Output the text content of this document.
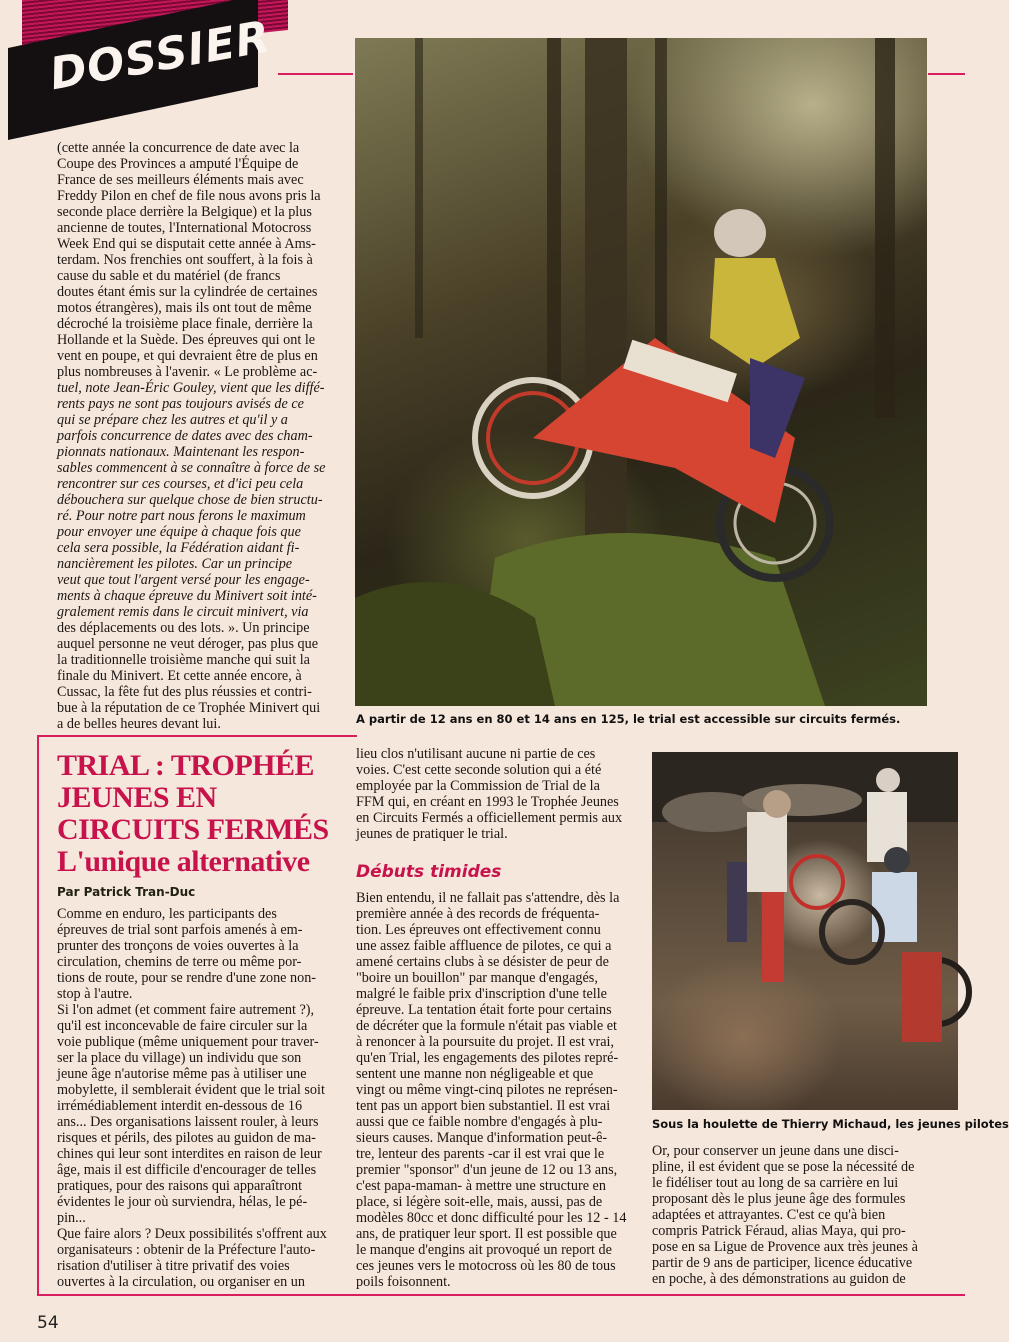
DOSSIER
(cette année la concurrence de date avec la
Coupe des Provinces a amputé l'Équipe de
France de ses meilleurs éléments mais avec
Freddy Pilon en chef de file nous avons pris la
seconde place derrière la Belgique) et la plus
ancienne de toutes, l'International Motocross
Week End qui se disputait cette année à Ams-
terdam. Nos frenchies ont souffert, à la fois à
cause du sable et du matériel (de francs
doutes étant émis sur la cylindrée de certaines
motos étrangères), mais ils ont tout de même
décroché la troisième place finale, derrière la
Hollande et la Suède. Des épreuves qui ont le
vent en poupe, et qui devraient être de plus en
plus nombreuses à l'avenir. « Le problème ac-
tuel, note Jean-Éric Gouley, vient que les diffé-
rents pays ne sont pas toujours avisés de ce
qui se prépare chez les autres et qu'il y a
parfois concurrence de dates avec des cham-
pionnats nationaux. Maintenant les respon-
sables commencent à se connaître à force de se
rencontrer sur ces courses, et d'ici peu cela
débouchera sur quelque chose de bien structu-
ré. Pour notre part nous ferons le maximum
pour envoyer une équipe à chaque fois que
cela sera possible, la Fédération aidant fi-
nancièrement les pilotes. Car un principe
veut que tout l'argent versé pour les engage-
ments à chaque épreuve du Minivert soit inté-
gralement remis dans le circuit minivert, via
des déplacements ou des lots. ». Un principe
auquel personne ne veut déroger, pas plus que
la traditionnelle troisième manche qui suit la
finale du Minivert. Et cette année encore, à
Cussac, la fête fut des plus réussies et contri-
bue à la réputation de ce Trophée Minivert qui
a de belles heures devant lui.	A partir de 12 ans en 80 et 14 ans en 125, le trial est accessible sur circuits fermés.
TRIAL : TROPHÉE
JEUNES EN
CIRCUITS FERMÉS
L'unique alternative
Par Patrick Tran-Duc
Comme en enduro, les participants des
épreuves de trial sont parfois amenés à em-
prunter des tronçons de voies ouvertes à la
circulation, chemins de terre ou même por-
tions de route, pour se rendre d'une zone non-
stop à l'autre.
Si l'on admet (et comment faire autrement ?),
qu'il est inconcevable de faire circuler sur la
voie publique (même uniquement pour traver-
ser la place du village) un individu que son
jeune âge n'autorise même pas à utiliser une
mobylette, il semblerait évident que le trial soit
irrémédiablement interdit en-dessous de 16
ans... Des organisations laissent rouler, à leurs
risques et périls, des pilotes au guidon de ma-
chines qui leur sont interdites en raison de leur
âge, mais il est difficile d'encourager de telles
pratiques, pour des raisons qui apparaîtront
évidentes le jour où surviendra, hélas, le pé-
pin...
Que faire alors ? Deux possibilités s'offrent aux
organisateurs : obtenir de la Préfecture l'auto-
risation d'utiliser à titre privatif des voies
ouvertes à la circulation, ou organiser en un
lieu clos n'utilisant aucune ni partie de ces
voies. C'est cette seconde solution qui a été
employée par la Commission de Trial de la
FFM qui, en créant en 1993 le Trophée Jeunes
en Circuits Fermés a officiellement permis aux
jeunes de pratiquer le trial.
Débuts timides
Bien entendu, il ne fallait pas s'attendre, dès la
première année à des records de fréquenta-
tion. Les épreuves ont effectivement connu
une assez faible affluence de pilotes, ce qui a
amené certains clubs à se désister de peur de
"boire un bouillon" par manque d'engagés,
malgré le faible prix d'inscription d'une telle
épreuve. La tentation était forte pour certains
de décréter que la formule n'était pas viable et
à renoncer à la poursuite du projet. Il est vrai,
qu'en Trial, les engagements des pilotes repré-
sentent une manne non négligeable et que
vingt ou même vingt-cinq pilotes ne représen-
tent pas un apport bien substantiel. Il est vrai
aussi que ce faible nombre d'engagés à plu-
sieurs causes. Manque d'information peut-ê-
tre, lenteur des parents -car il est vrai que le
premier "sponsor" d'un jeune de 12 ou 13 ans,
c'est papa-maman- à mettre une structure en
place, si légère soit-elle, mais, aussi, pas de
modèles 80cc et donc difficulté pour les 12 - 14
ans, de pratiquer leur sport. Il est possible que
le manque d'engins ait provoqué un report de
ces jeunes vers le motocross où les 80 de tous
poils foisonnent.
Sous la houlette de Thierry Michaud, les jeunes pilotes
Or, pour conserver un jeune dans une disci-
pline, il est évident que se pose la nécessité de
le fidéliser tout au long de sa carrière en lui
proposant dès le plus jeune âge des formules
adaptées et attrayantes. C'est ce qu'à bien
compris Patrick Féraud, alias Maya, qui pro-
pose en sa Ligue de Provence aux très jeunes à
partir de 9 ans de participer, licence éducative
en poche, à des démonstrations au guidon de
54
